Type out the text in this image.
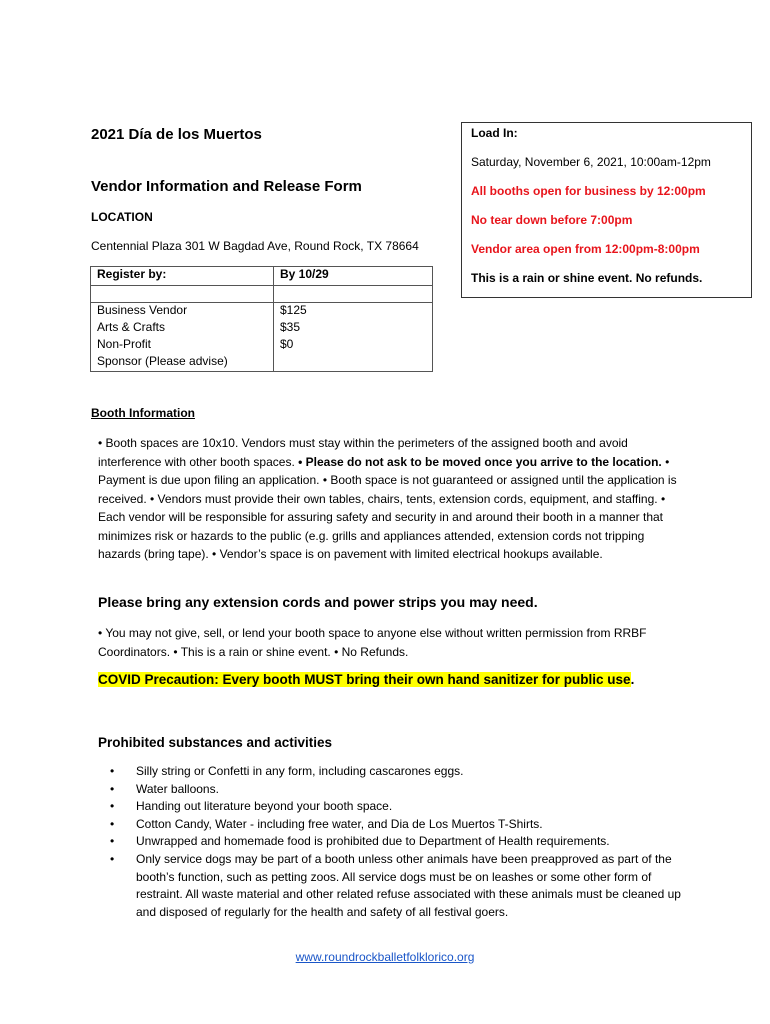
2021 Día de los Muertos
Vendor Information and Release Form
LOCATION
Centennial Plaza 301 W Bagdad Ave, Round Rock, TX 78664
Load In:
Saturday, November 6, 2021, 10:00am-12pm
All booths open for business by 12:00pm
No tear down before 7:00pm
Vendor area open from 12:00pm-8:00pm
This is a rain or shine event. No refunds.
Register by:	By 10/29

Business Vendor	$125
Arts & Crafts	$35
Non-Profit	$0
Sponsor (Please advise)	
Booth Information
• Booth spaces are 10x10. Vendors must stay within the perimeters of the assigned booth and avoid interference with other booth spaces. • Please do not ask to be moved once you arrive to the location. • Payment is due upon filing an application. • Booth space is not guaranteed or assigned until the application is received. • Vendors must provide their own tables, chairs, tents, extension cords, equipment, and staffing. • Each vendor will be responsible for assuring safety and security in and around their booth in a manner that minimizes risk or hazards to the public (e.g. grills and appliances attended, extension cords not tripping hazards (bring tape). • Vendor’s space is on pavement with limited electrical hookups available.
Please bring any extension cords and power strips you may need.
• You may not give, sell, or lend your booth space to anyone else without written permission from RRBF Coordinators. • This is a rain or shine event. • No Refunds.
COVID Precaution: Every booth MUST bring their own hand sanitizer for public use.
Prohibited substances and activities
• Silly string or Confetti in any form, including cascarones eggs.
• Water balloons.
• Handing out literature beyond your booth space.
• Cotton Candy, Water - including free water, and Dia de Los Muertos T-Shirts.
• Unwrapped and homemade food is prohibited due to Department of Health requirements.
• Only service dogs may be part of a booth unless other animals have been preapproved as part of the booth’s function, such as petting zoos. All service dogs must be on leashes or some other form of restraint. All waste material and other related refuse associated with these animals must be cleaned up and disposed of regularly for the health and safety of all festival goers.
www.roundrockballetfolklorico.org
